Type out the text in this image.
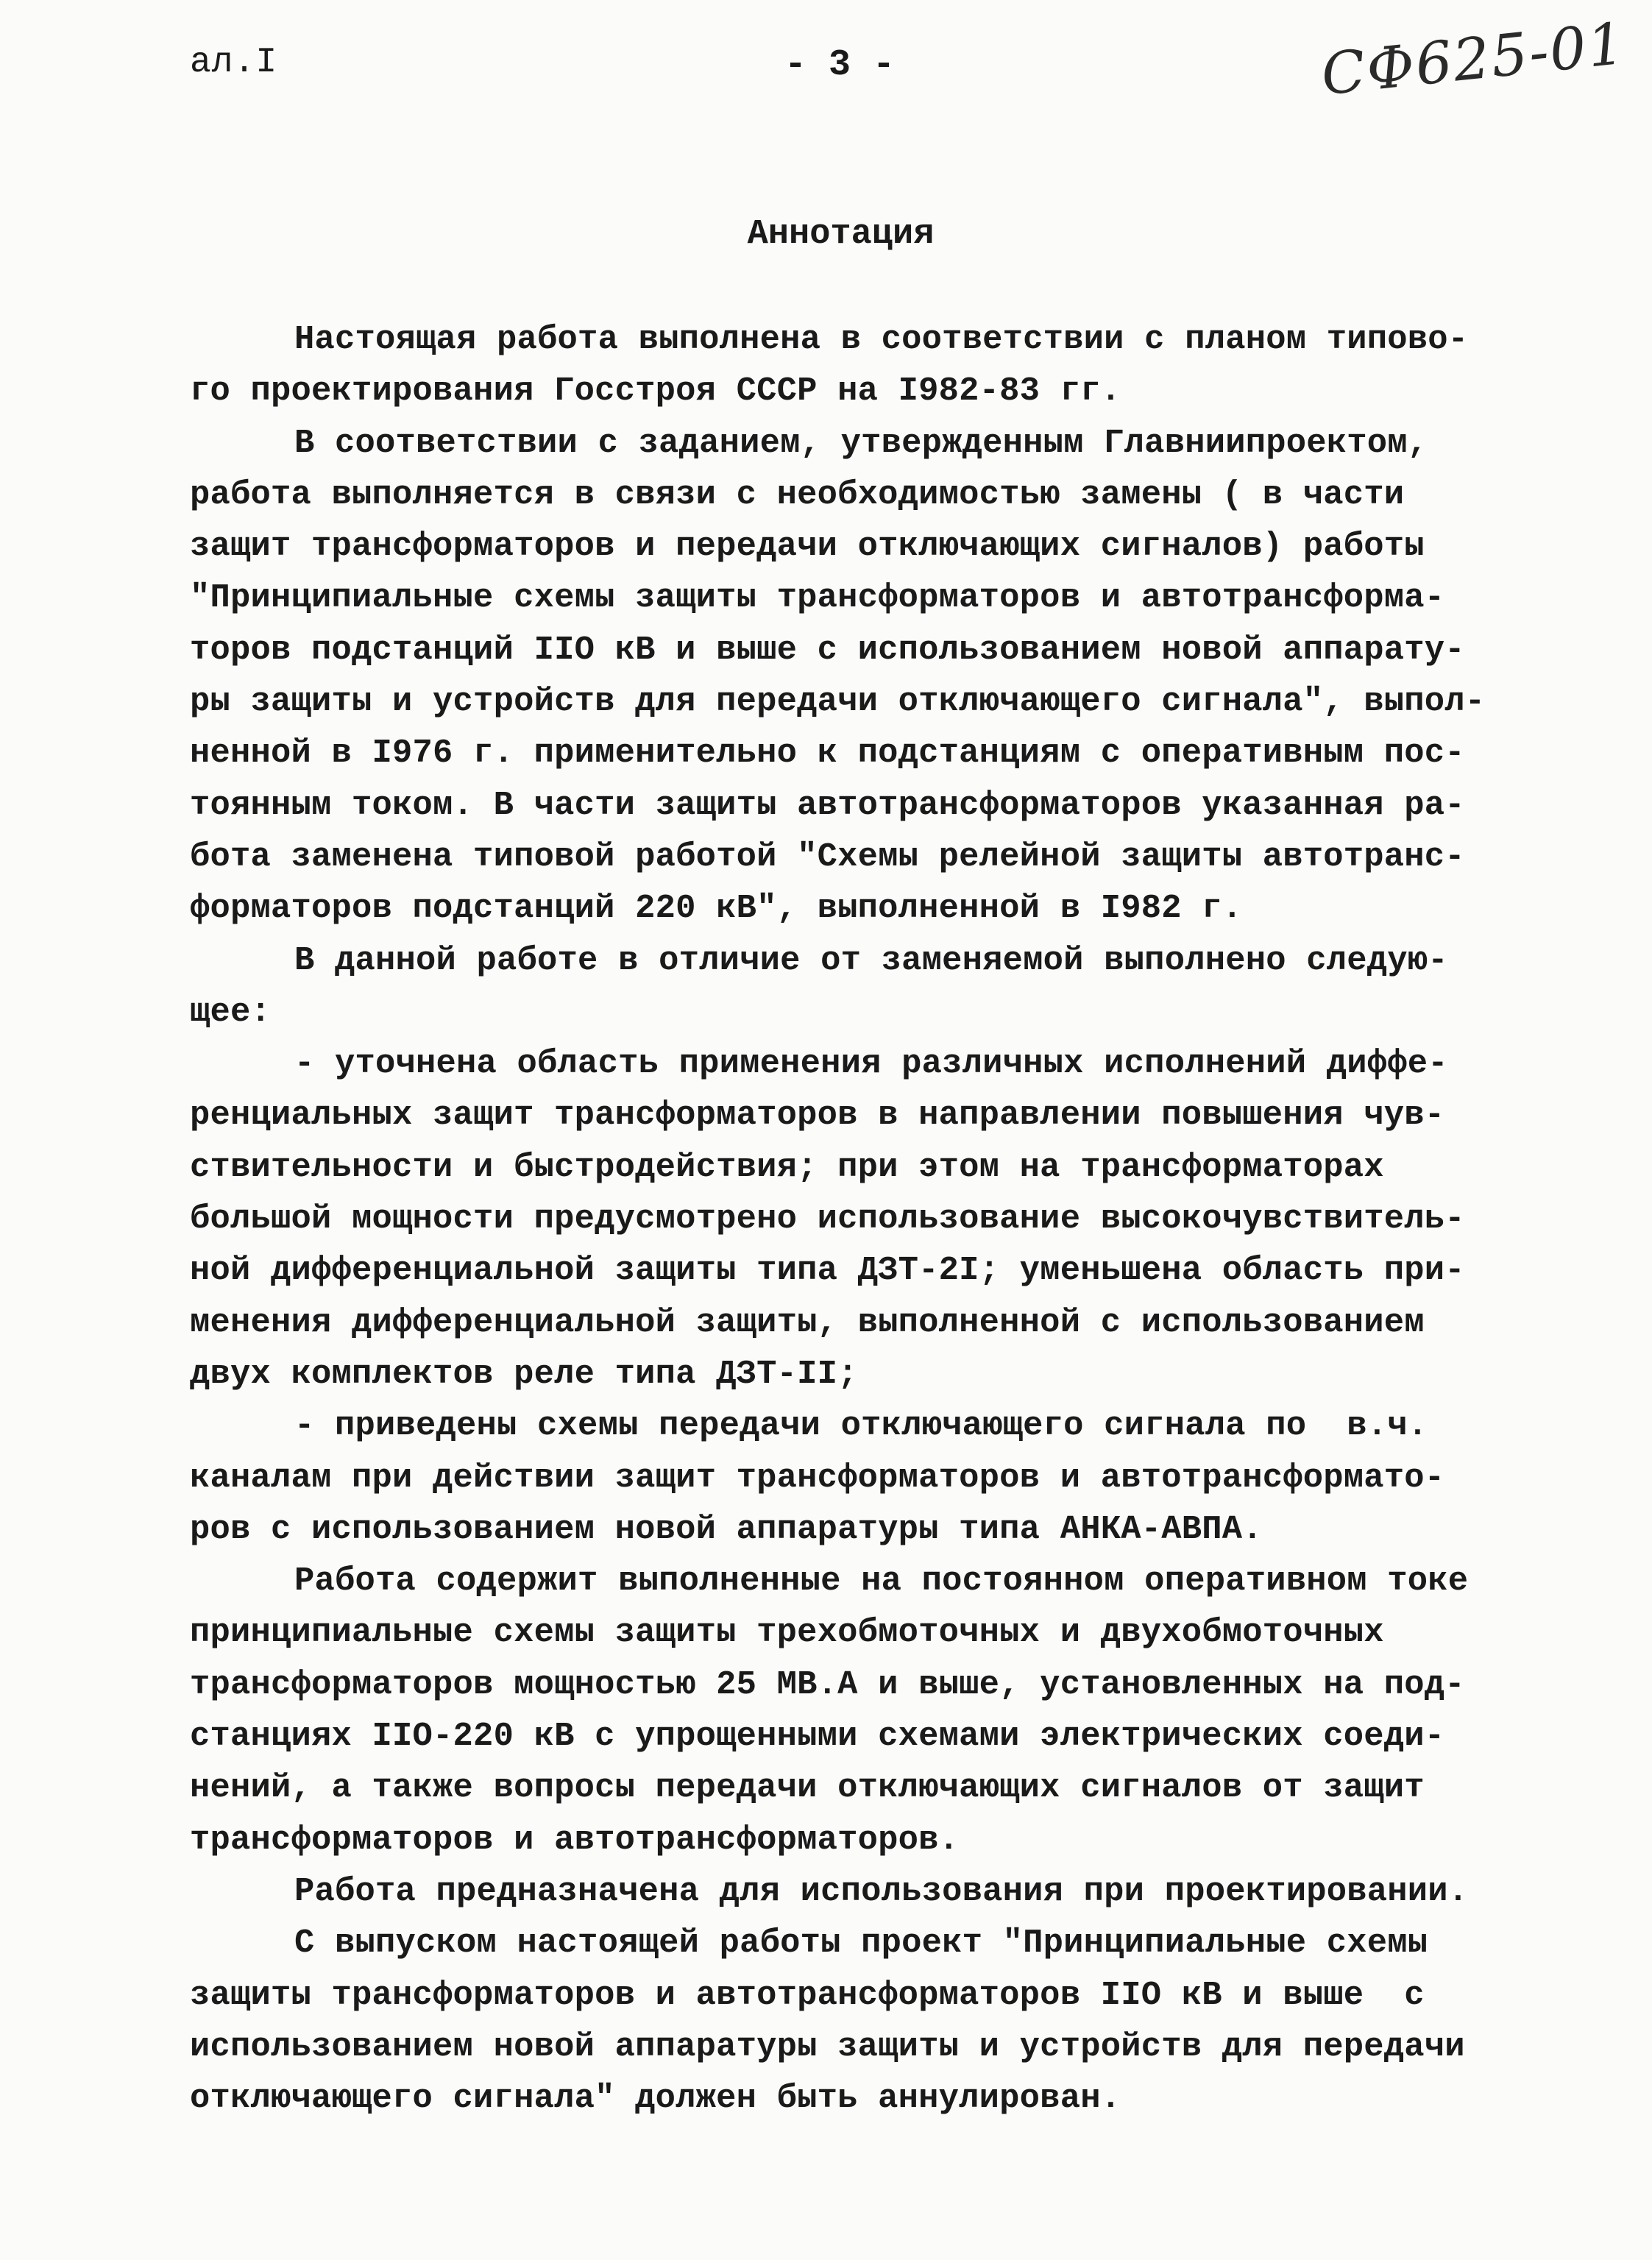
ал.I	- 3 -	СФ625-01
Аннотация
Настоящая работа выполнена в соответствии с планом типово-
го проектирования Госстроя СССР на I982-83 гг.
В соответствии с заданием, утвержденным Главниипроектом,
работа выполняется в связи с необходимостью замены ( в части
защит трансформаторов и передачи отключающих сигналов) работы
"Принципиальные схемы защиты трансформаторов и автотрансформа-
торов подстанций IIO кВ и выше с использованием новой аппарату-
ры защиты и устройств для передачи отключающего сигнала", выпол-
ненной в I976 г. применительно к подстанциям с оперативным пос-
тоянным током. В части защиты автотрансформаторов указанная ра-
бота заменена типовой работой "Схемы релейной защиты автотранс-
форматоров подстанций 220 кВ", выполненной в I982 г.
В данной работе в отличие от заменяемой выполнено следую-
щее:
- уточнена область применения различных исполнений диффе-
ренциальных защит трансформаторов в направлении повышения чув-
ствительности и быстродействия; при этом на трансформаторах
большой мощности предусмотрено использование высокочувствитель-
ной дифференциальной защиты типа ДЗТ-2I; уменьшена область при-
менения дифференциальной защиты, выполненной с использованием
двух комплектов реле типа ДЗТ-II;
- приведены схемы передачи отключающего сигнала по  в.ч.
каналам при действии защит трансформаторов и автотрансформато-
ров с использованием новой аппаратуры типа АНКА-АВПА.
Работа содержит выполненные на постоянном оперативном токе
принципиальные схемы защиты трехобмоточных и двухобмоточных
трансформаторов мощностью 25 МВ.А и выше, установленных на под-
станциях IIO-220 кВ с упрощенными схемами электрических соеди-
нений, а также вопросы передачи отключающих сигналов от защит
трансформаторов и автотрансформаторов.
Работа предназначена для использования при проектировании.
С выпуском настоящей работы проект "Принципиальные схемы
защиты трансформаторов и автотрансформаторов IIO кВ и выше  с
использованием новой аппаратуры защиты и устройств для передачи
отключающего сигнала" должен быть аннулирован.
